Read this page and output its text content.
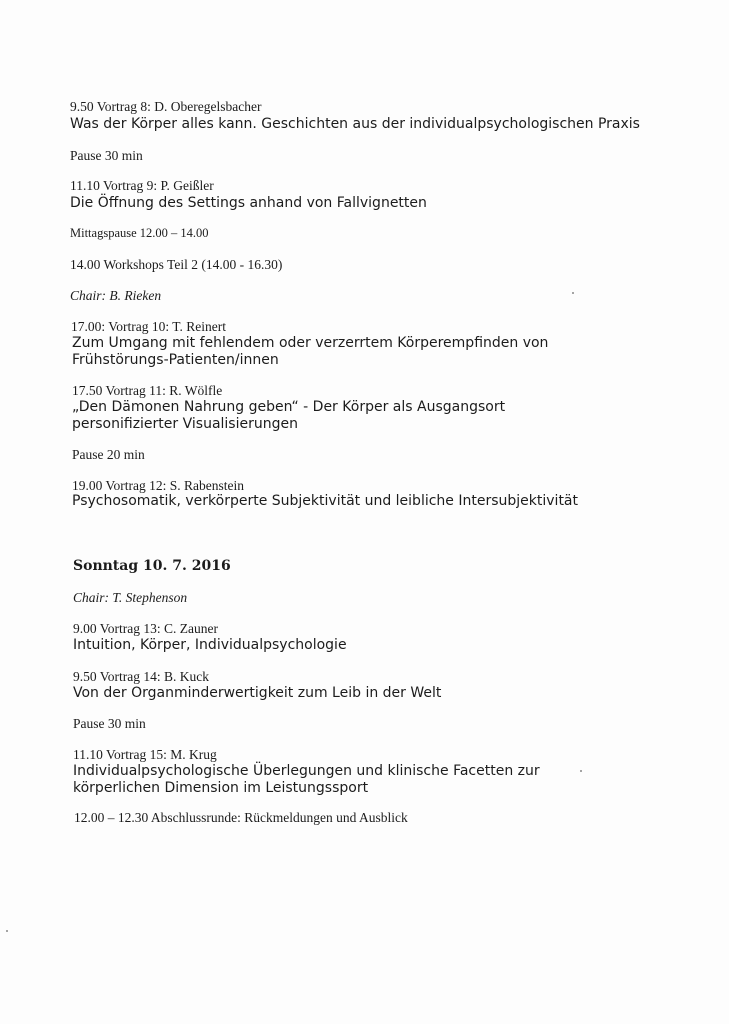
9.50 Vortrag 8: D. Oberegelsbacher
Was der Körper alles kann. Geschichten aus der individualpsychologischen Praxis
Pause 30 min
11.10 Vortrag 9: P. Geißler
Die Öffnung des Settings anhand von Fallvignetten
Mittagspause 12.00 – 14.00
14.00 Workshops Teil 2 (14.00 - 16.30)
Chair: B. Rieken
17.00: Vortrag 10: T. Reinert
Zum Umgang mit fehlendem oder verzerrtem Körperempfinden von
Frühstörungs-Patienten/innen
17.50 Vortrag 11: R. Wölfle
„Den Dämonen Nahrung geben“ - Der Körper als Ausgangsort
personifizierter Visualisierungen
Pause 20 min
19.00 Vortrag 12: S. Rabenstein
Psychosomatik, verkörperte Subjektivität und leibliche Intersubjektivität
Sonntag 10. 7. 2016
Chair: T. Stephenson
9.00 Vortrag 13: C. Zauner
Intuition, Körper, Individualpsychologie
9.50 Vortrag 14: B. Kuck
Von der Organminderwertigkeit zum Leib in der Welt
Pause 30 min
11.10 Vortrag 15: M. Krug
Individualpsychologische Überlegungen und klinische Facetten zur
körperlichen Dimension im Leistungssport
12.00 – 12.30 Abschlussrunde: Rückmeldungen und Ausblick
